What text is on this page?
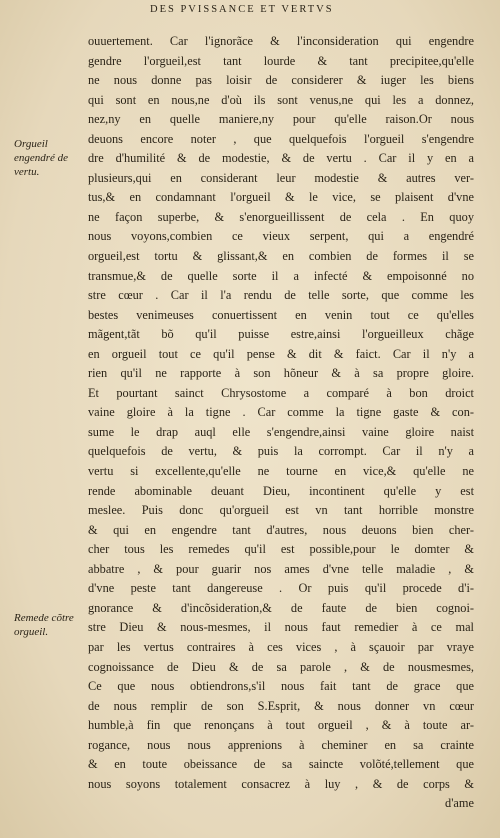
DES PVISSANCE ET VERTVS
Orgueil engendré de vertu.
Remede cõtre orgueil.
ouuertement. Car l'ignorãce & l'inconsideration qui engendre
gendre l'orgueil,est tant lourde & tant precipitee,qu'elle
ne nous donne pas loisir de considerer & iuger les biens
qui sont en nous,ne d'où ils sont venus,ne qui les a donnez,
nez,ny en quelle maniere,ny pour qu'elle raison.Or nous
deuons encore noter , que quelquefois l'orgueil s'engendre
dre d'humilité & de modestie, & de vertu . Car il y en a
plusieurs,qui en considerant leur modestie & autres ver-
tus,& en condamnant l'orgueil & le vice, se plaisent d'vne
ne façon superbe, & s'enorgueillissent de cela . En quoy
nous voyons,combien ce vieux serpent, qui a engendré
orgueil,est tortu & glissant,& en combien de formes il se
transmue,& de quelle sorte il a infecté & empoisonné no
stre cœur . Car il l'a rendu de telle sorte, que comme les
bestes venimeuses conuertissent en venin tout ce qu'elles
mãgent,tãt bõ qu'il puisse estre,ainsi l'orgueilleux chãge
en orgueil tout ce qu'il pense & dit & faict. Car il n'y a
rien qu'il ne rapporte à son hõneur & à sa propre gloire.
Et pourtant sainct Chrysostome a comparé à bon droict
vaine gloire à la tigne . Car comme la tigne gaste & con-
sume le drap auql elle s'engendre,ainsi vaine gloire naist
quelquefois de vertu, & puis la corrompt. Car il n'y a
vertu si excellente,qu'elle ne tourne en vice,& qu'elle ne
rende abominable deuant Dieu, incontinent qu'elle y est
meslee. Puis donc qu'orgueil est vn tant horrible monstre
& qui en engendre tant d'autres, nous deuons bien cher-
cher tous les remedes qu'il est possible,pour le domter &
abbatre , & pour guarir nos ames d'vne telle maladie , &
d'vne peste tant dangereuse . Or puis qu'il procede d'i-
gnorance & d'incõsideration,& de faute de bien cognoi-
stre Dieu & nous-mesmes, il nous faut remedier à ce mal
par les vertus contraires à ces vices , à sçauoir par vraye
cognoissance de Dieu & de sa parole , & de nousmesmes,
Ce que nous obtiendrons,s'il nous fait tant de grace que
de nous remplir de son S.Esprit, & nous donner vn cœur
humble,à fin que renonçans à tout orgueil , & à toute ar-
rogance, nous nous apprenions à cheminer en sa crainte
& en toute obeissance de sa saincte volõté,tellement que
nous soyons totalement consacrez à luy , & de corps &
d'ame
